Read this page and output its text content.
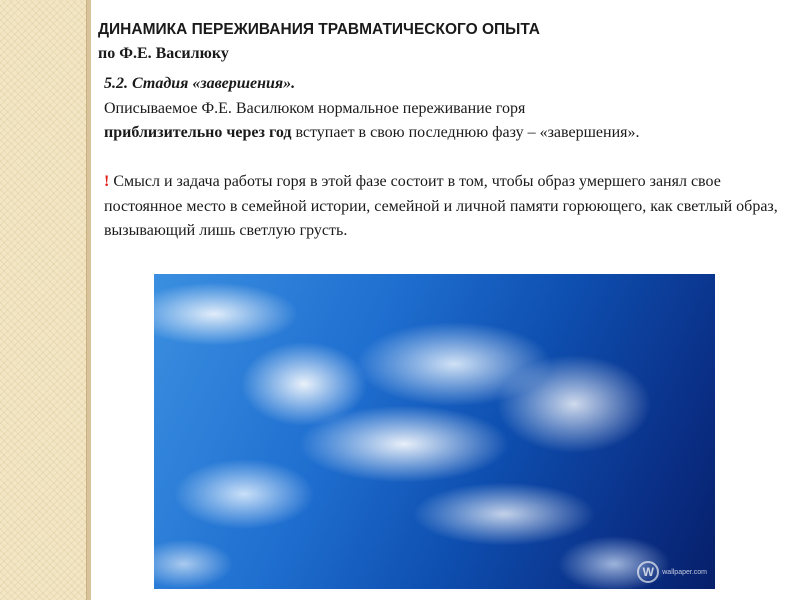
ДИНАМИКА ПЕРЕЖИВАНИЯ ТРАВМАТИЧЕСКОГО ОПЫТА
по Ф.Е. Василюку

5.2. Стадия «завершения».

Описываемое Ф.Е. Василюком нормальное переживание горя
приблизительно через год вступает в свою последнюю фазу – «завершения».

! Смысл и задача работы горя в этой фазе состоит в том, чтобы образ умершего занял свое постоянное место в семейной истории, семейной и личной памяти горюющего, как светлый образ, вызывающий лишь светлую грусть.

W	wallpaper.com
